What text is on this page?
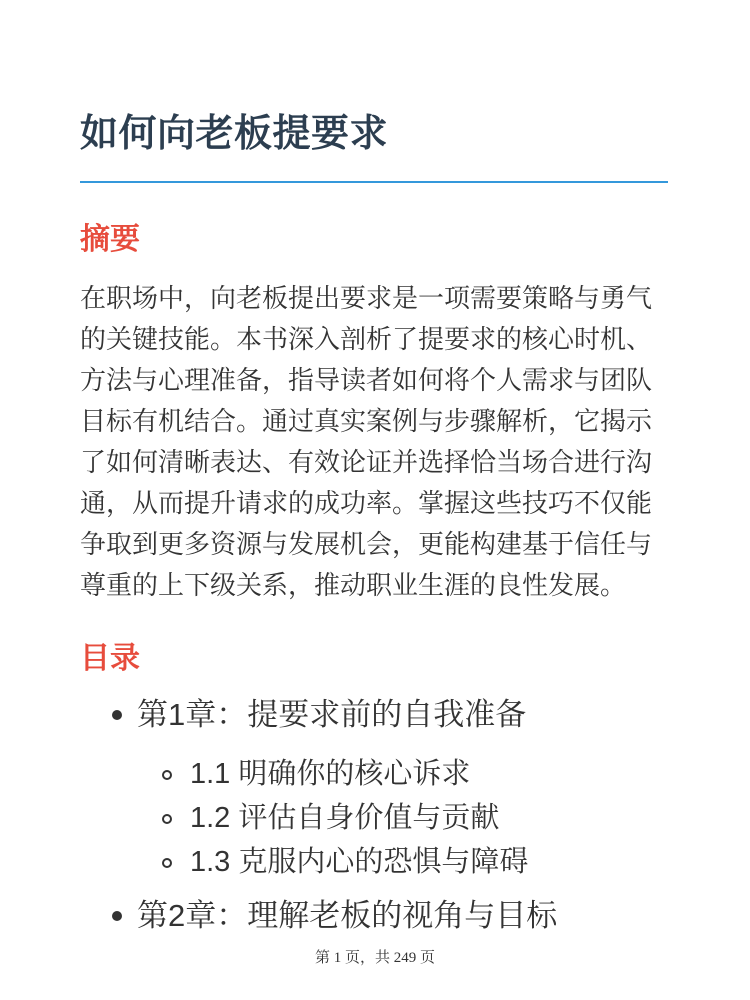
如何向老板提要求
摘要

在职场中，向老板提出要求是一项需要策略与勇气的关键技能。本书深入剖析了提要求的核心时机、方法与心理准备，指导读者如何将个人需求与团队目标有机结合。通过真实案例与步骤解析，它揭示了如何清晰表达、有效论证并选择恰当场合进行沟通，从而提升请求的成功率。掌握这些技巧不仅能争取到更多资源与发展机会，更能构建基于信任与尊重的上下级关系，推动职业生涯的良性发展。

目录
第1章：提要求前的自我准备
1.1 明确你的核心诉求
1.2 评估自身价值与贡献
1.3 克服内心的恐惧与障碍
第2章：理解老板的视角与目标
第 1 页，共 249 页
